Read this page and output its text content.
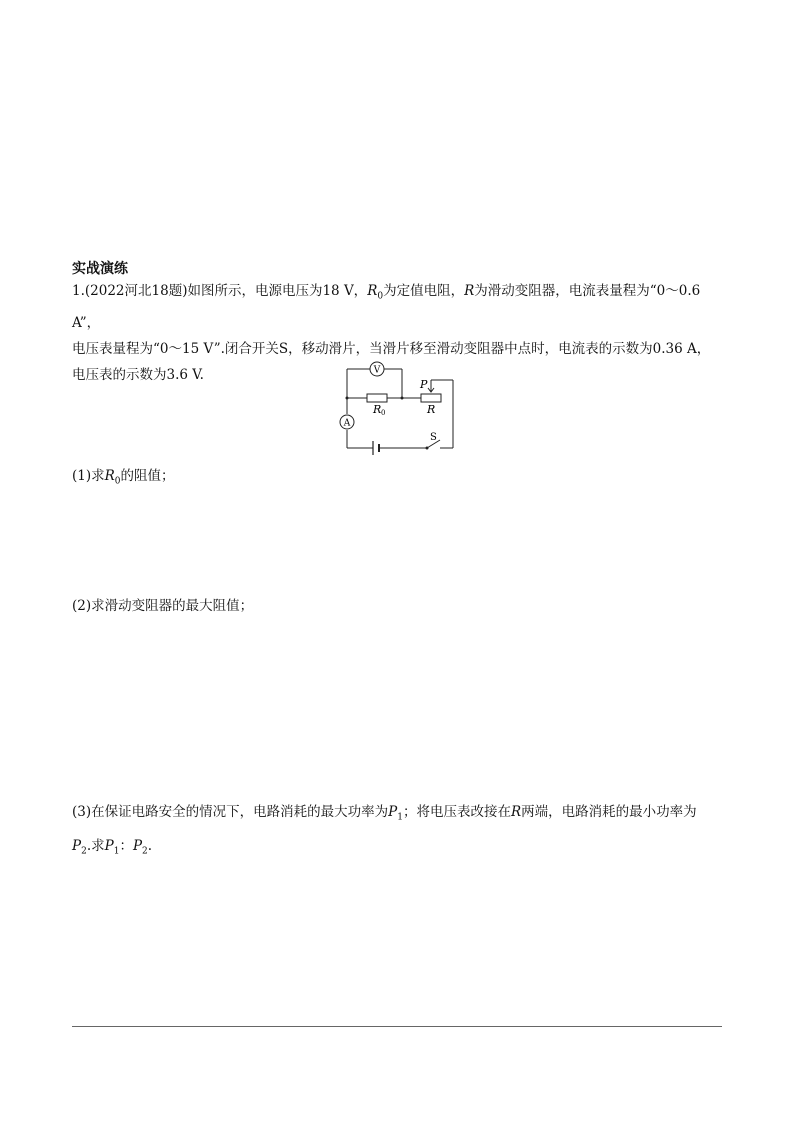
实战演练
1.(2022河北18题)如图所示，电源电压为18 V，$R_0$为定值电阻，R为滑动变阻器，电流表量程为“0～0.6 A”，
电压表量程为“0～15 V”.闭合开关S，移动滑片，当滑片移至滑动变阻器中点时，电流表的示数为0.36 A，
电压表的示数为3.6 V.	V
A
R 0	R
P
S
(1)求$R_0$的阻值；
(2)求滑动变阻器的最大阻值；
(3)在保证电路安全的情况下，电路消耗的最大功率为$P_1$；将电压表改接在R两端，电路消耗的最小功率为
$P_2$.求$P_1$：$P_2$.
